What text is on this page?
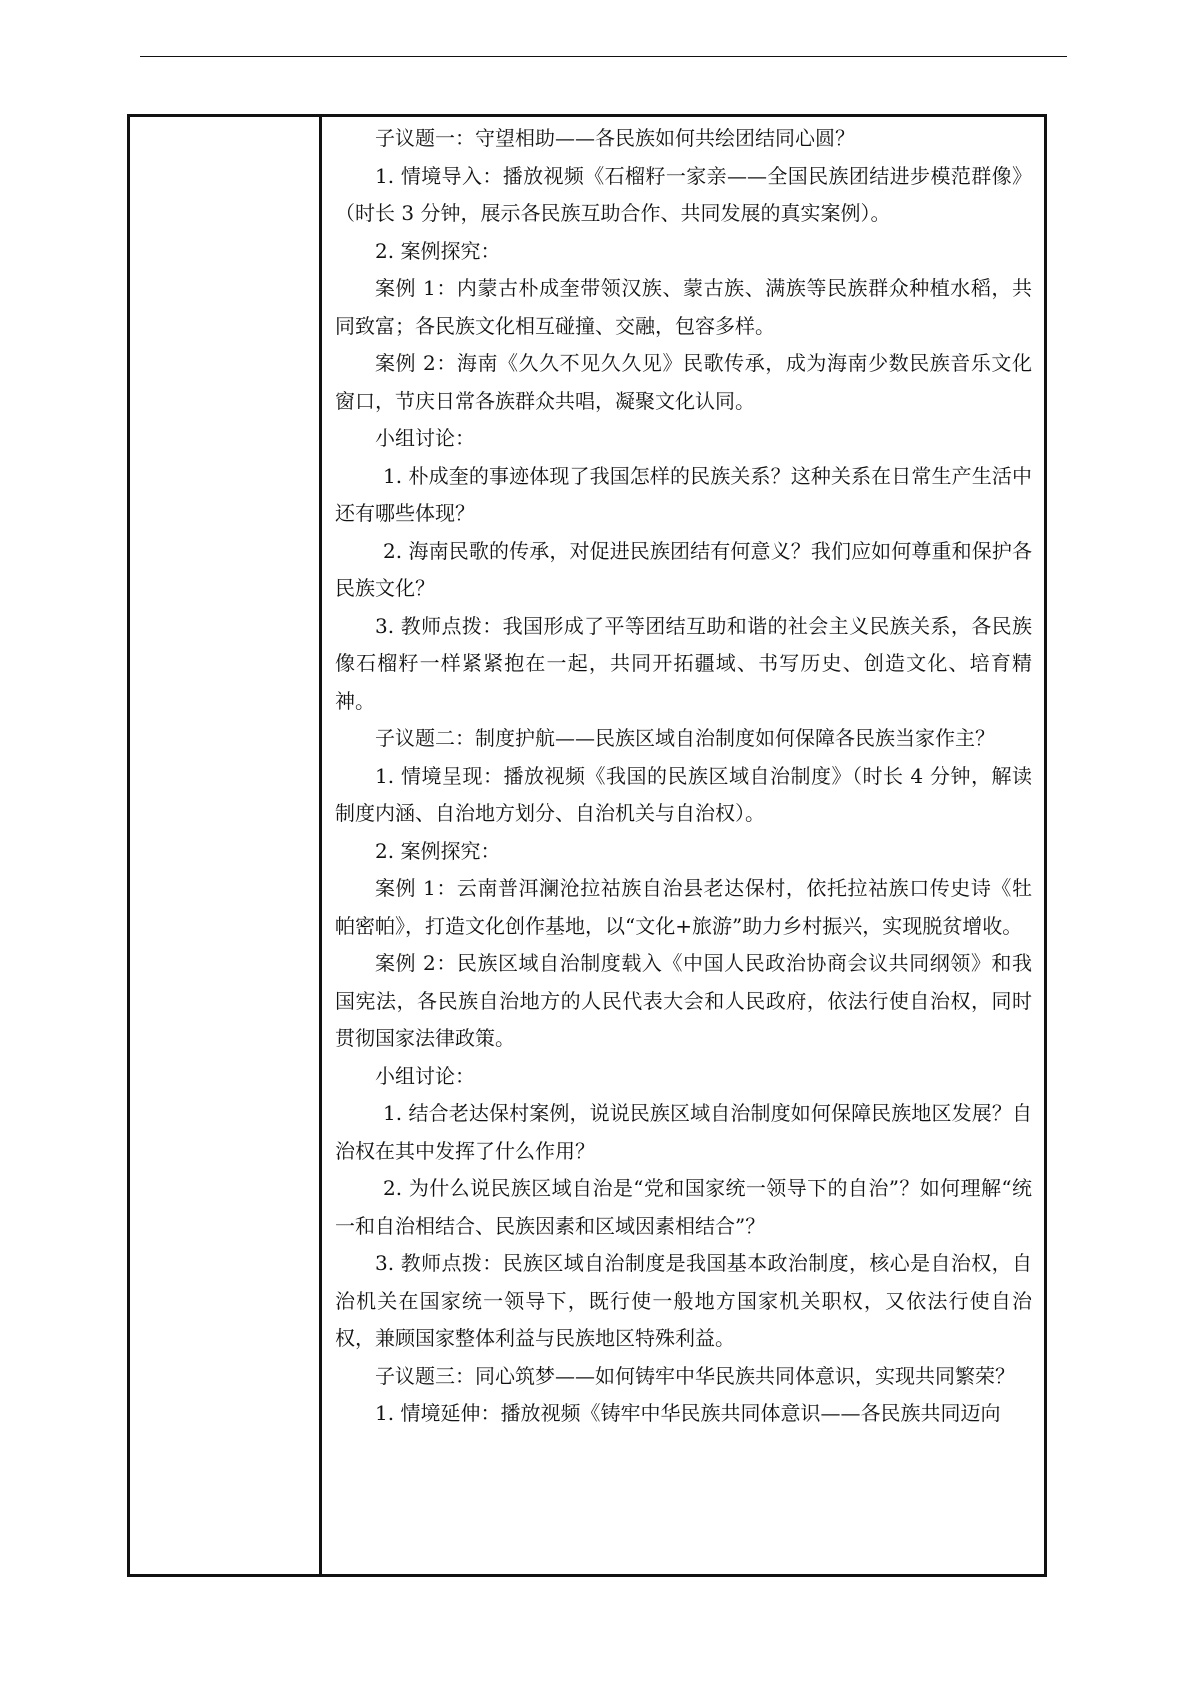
子议题一：守望相助——各民族如何共绘团结同心圆？

1. 情境导入：播放视频《石榴籽一家亲——全国民族团结进步模范群像》（时长 3 分钟，展示各民族互助合作、共同发展的真实案例）。

2. 案例探究：

案例 1：内蒙古朴成奎带领汉族、蒙古族、满族等民族群众种植水稻，共同致富；各民族文化相互碰撞、交融，包容多样。

案例 2：海南《久久不见久久见》民歌传承，成为海南少数民族音乐文化窗口，节庆日常各族群众共唱，凝聚文化认同。

小组讨论：

1. 朴成奎的事迹体现了我国怎样的民族关系？这种关系在日常生产生活中还有哪些体现？

2. 海南民歌的传承，对促进民族团结有何意义？我们应如何尊重和保护各民族文化？

3. 教师点拨：我国形成了平等团结互助和谐的社会主义民族关系，各民族像石榴籽一样紧紧抱在一起，共同开拓疆域、书写历史、创造文化、培育精神。

子议题二：制度护航——民族区域自治制度如何保障各民族当家作主？

1. 情境呈现：播放视频《我国的民族区域自治制度》（时长 4 分钟，解读制度内涵、自治地方划分、自治机关与自治权）。

2. 案例探究：

案例 1：云南普洱澜沧拉祜族自治县老达保村，依托拉祜族口传史诗《牡帕密帕》，打造文化创作基地，以“文化+旅游”助力乡村振兴，实现脱贫增收。

案例 2：民族区域自治制度载入《中国人民政治协商会议共同纲领》和我国宪法，各民族自治地方的人民代表大会和人民政府，依法行使自治权，同时贯彻国家法律政策。

小组讨论：

1. 结合老达保村案例，说说民族区域自治制度如何保障民族地区发展？自治权在其中发挥了什么作用？

2. 为什么说民族区域自治是“党和国家统一领导下的自治”？如何理解“统一和自治相结合、民族因素和区域因素相结合”？

3. 教师点拨：民族区域自治制度是我国基本政治制度，核心是自治权，自治机关在国家统一领导下，既行使一般地方国家机关职权，又依法行使自治权，兼顾国家整体利益与民族地区特殊利益。

子议题三：同心筑梦——如何铸牢中华民族共同体意识，实现共同繁荣？

1. 情境延伸：播放视频《铸牢中华民族共同体意识——各民族共同迈向
